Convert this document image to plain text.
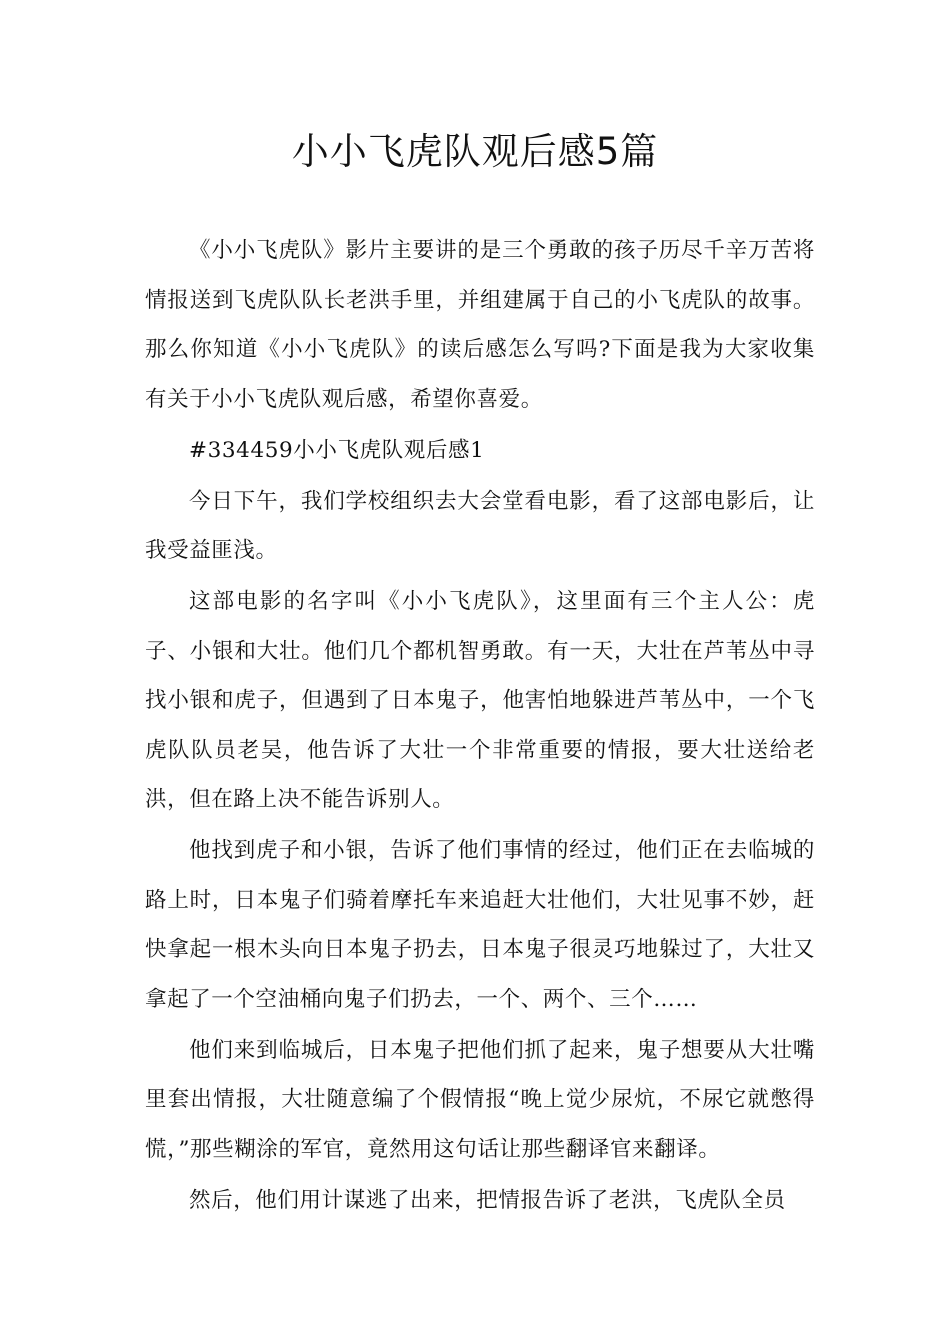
小小飞虎队观后感5篇

《小小飞虎队》影片主要讲的是三个勇敢的孩子历尽千辛万苦将情报送到飞虎队队长老洪手里，并组建属于自己的小飞虎队的故事。那么你知道《小小飞虎队》的读后感怎么写吗?下面是我为大家收集有关于小小飞虎队观后感，希望你喜爱。

#334459小小飞虎队观后感1

今日下午，我们学校组织去大会堂看电影，看了这部电影后，让我受益匪浅。

这部电影的名字叫《小小飞虎队》，这里面有三个主人公：虎子、小银和大壮。他们几个都机智勇敢。有一天，大壮在芦苇丛中寻找小银和虎子，但遇到了日本鬼子，他害怕地躲进芦苇丛中，一个飞虎队队员老吴，他告诉了大壮一个非常重要的情报，要大壮送给老洪，但在路上决不能告诉别人。

他找到虎子和小银，告诉了他们事情的经过，他们正在去临城的路上时，日本鬼子们骑着摩托车来追赶大壮他们，大壮见事不妙，赶快拿起一根木头向日本鬼子扔去，日本鬼子很灵巧地躲过了，大壮又拿起了一个空油桶向鬼子们扔去，一个、两个、三个……

他们来到临城后，日本鬼子把他们抓了起来，鬼子想要从大壮嘴里套出情报，大壮随意编了个假情报“晚上觉少尿炕，不尿它就憋得慌，”那些糊涂的军官，竟然用这句话让那些翻译官来翻译。

然后，他们用计谋逃了出来，把情报告诉了老洪，飞虎队全员
